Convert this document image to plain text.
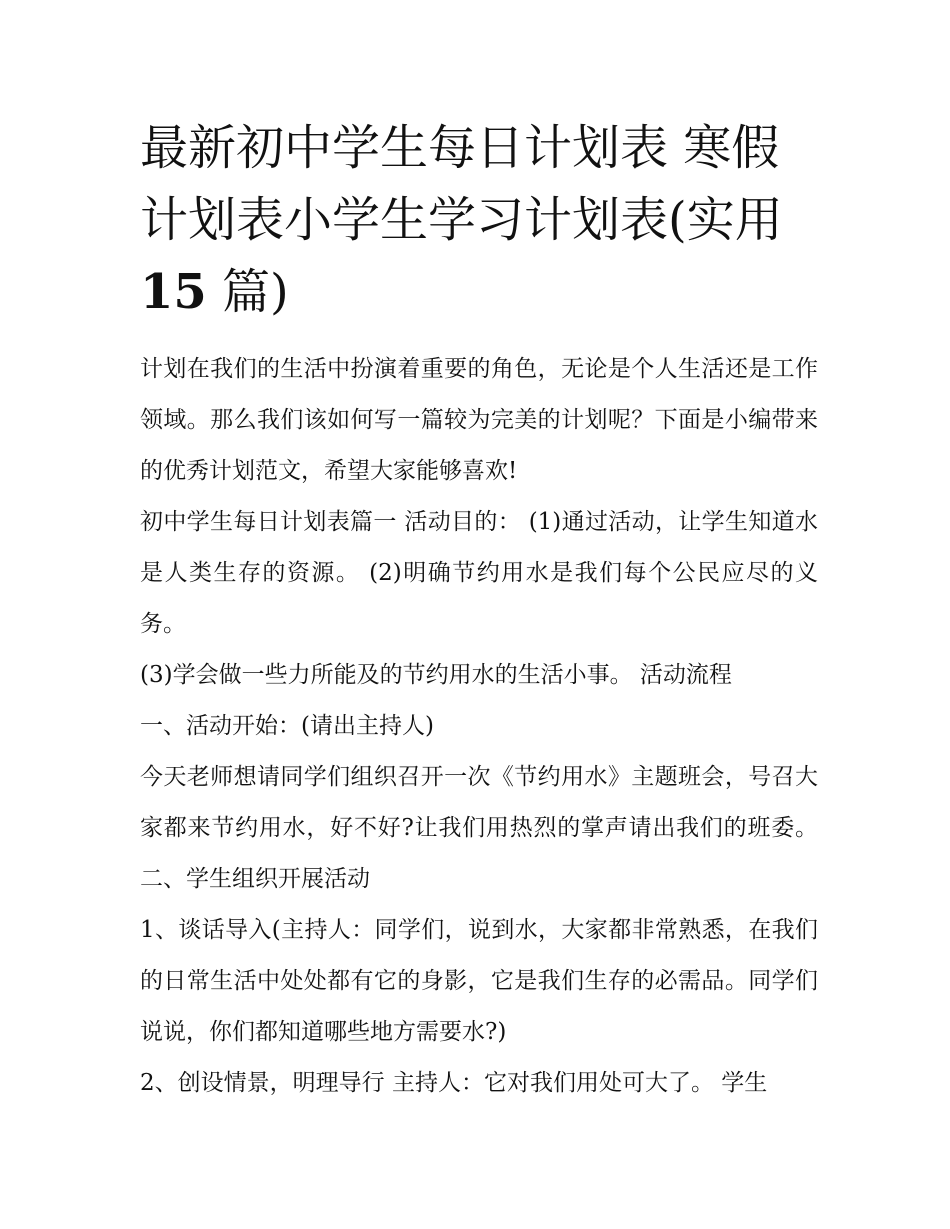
最新初中学生每日计划表 寒假计划表小学生学习计划表(实用
15 篇)

计划在我们的生活中扮演着重要的角色，无论是个人生活还是工作领域。那么我们该如何写一篇较为完美的计划呢？下面是小编带来的优秀计划范文，希望大家能够喜欢!

初中学生每日计划表篇一 活动目的： (1)通过活动，让学生知道水是人类生存的资源。 (2)明确节约用水是我们每个公民应尽的义务。

(3)学会做一些力所能及的节约用水的生活小事。 活动流程

一、活动开始：(请出主持人)

今天老师想请同学们组织召开一次《节约用水》主题班会，号召大家都来节约用水，好不好?让我们用热烈的掌声请出我们的班委。 二、学生组织开展活动

1、谈话导入(主持人：同学们，说到水，大家都非常熟悉，在我们的日常生活中处处都有它的身影，它是我们生存的必需品。同学们说说，你们都知道哪些地方需要水?)

2、创设情景，明理导行 主持人：它对我们用处可大了。 学生
